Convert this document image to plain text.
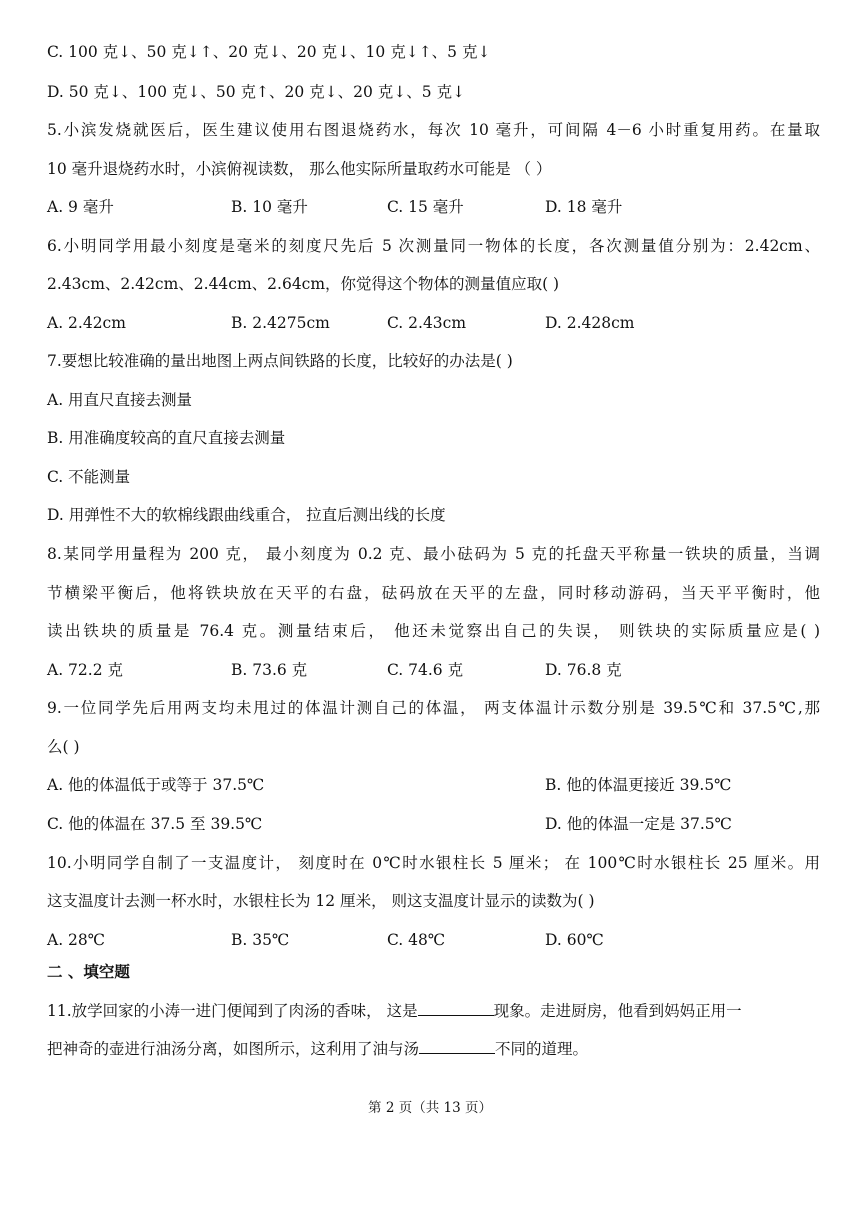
C. 100 克↓、50 克↓↑、20 克↓、20 克↓、10 克↓↑、5 克↓
D. 50 克↓、100 克↓、50 克↑、20 克↓、20 克↓、5 克↓
5.小滨发烧就医后，医生建议使用右图退烧药水，每次 10 毫升，可间隔 4－6 小时重复用药。在量取
10 毫升退烧药水时，小滨俯视读数， 那么他实际所量取药水可能是 （ ）
A. 9 毫升	B. 10 毫升	C. 15 毫升	D. 18 毫升
6.小明同学用最小刻度是毫米的刻度尺先后 5 次测量同一物体的长度，各次测量值分别为：2.42cm、
2.43cm、2.42cm、2.44cm、2.64cm，你觉得这个物体的测量值应取( )
A. 2.42cm	B. 2.4275cm	C. 2.43cm	D. 2.428cm
7.要想比较准确的量出地图上两点间铁路的长度，比较好的办法是( )
A. 用直尺直接去测量
B. 用准确度较高的直尺直接去测量
C. 不能测量
D. 用弹性不大的软棉线跟曲线重合， 拉直后测出线的长度
8.某同学用量程为 200 克， 最小刻度为 0.2 克、最小砝码为 5 克的托盘天平称量一铁块的质量，当调
节横梁平衡后，他将铁块放在天平的右盘，砝码放在天平的左盘，同时移动游码，当天平平衡时，他
读出铁块的质量是 76.4 克。测量结束后， 他还未觉察出自己的失误， 则铁块的实际质量应是( )
A. 72.2 克	B. 73.6 克	C. 74.6 克	D. 76.8 克
9.一位同学先后用两支均未甩过的体温计测自己的体温， 两支体温计示数分别是 39.5℃和 37.5℃,那
么( )
A. 他的体温低于或等于 37.5℃	B. 他的体温更接近 39.5℃
C. 他的体温在 37.5 至 39.5℃	D. 他的体温一定是 37.5℃
10.小明同学自制了一支温度计， 刻度时在 0℃时水银柱长 5 厘米； 在 100℃时水银柱长 25 厘米。用
这支温度计去测一杯水时，水银柱长为 12 厘米， 则这支温度计显示的读数为( )
A. 28℃	B. 35℃	C. 48℃	D. 60℃
二 、填空题
11.放学回家的小涛一进门便闻到了肉汤的香味， 这是	现象。走进厨房，他看到妈妈正用一
把神奇的壶进行油汤分离，如图所示，这利用了油与汤	不同的道理。
第 2 页（共 13 页）
